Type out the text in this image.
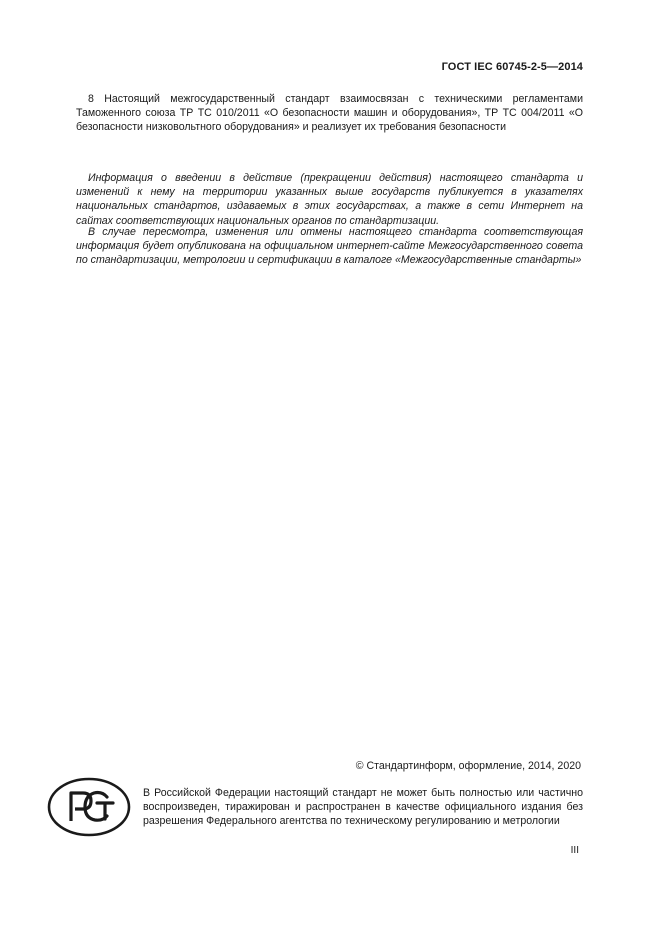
ГОСТ IEC 60745-2-5—2014

8 Настоящий межгосударственный стандарт взаимосвязан с техническими регламентами Таможенного союза ТР ТС 010/2011 «О безопасности машин и оборудования», ТР ТС 004/2011 «О безопасности низковольтного оборудования» и реализует их требования безопасности

Информация о введении в действие (прекращении действия) настоящего стандарта и изменений к нему на территории указанных выше государств публикуется в указателях национальных стандартов, издаваемых в этих государствах, а также в сети Интернет на сайтах соответствующих национальных органов по стандартизации.

В случае пересмотра, изменения или отмены настоящего стандарта соответствующая информация будет опубликована на официальном интернет-сайте Межгосударственного совета по стандартизации, метрологии и сертификации в каталоге «Межгосударственные стандарты»

© Стандартинформ, оформление, 2014, 2020

В Российской Федерации настоящий стандарт не может быть полностью или частично воспроизведен, тиражирован и распространен в качестве официального издания без разрешения Федерального агентства по техническому регулированию и метрологии

III
